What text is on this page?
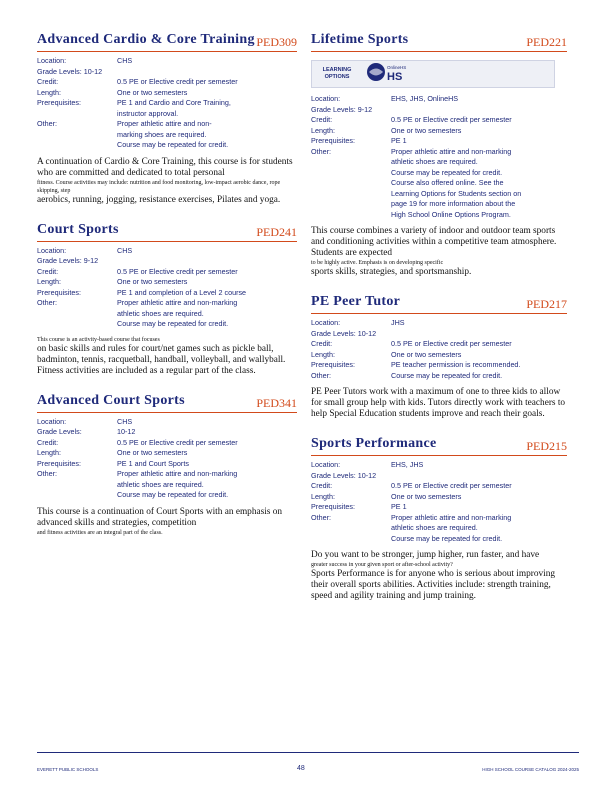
Advanced Cardio & Core Training PED309
Location:	CHS
Grade Levels: 10-12
Credit:	0.5 PE or Elective credit per semester
Length:	One or two semesters
Prerequisites:	PE 1 and Cardio and Core Training,
instructor approval.
Other:	Proper athletic attire and non-
marking shoes are required.
Course may be repeated for credit.
A continuation of Cardio & Core Training, this course is for students who are committed and dedicated to total personal
fitness. Course activities may include: nutrition and food monitoring, low-impact aerobic dance, rope skipping, step
aerobics, running, jogging, resistance exercises, Pilates and yoga.
Court Sports	PED241
Location:	CHS
Grade Levels: 9-12
Credit:	0.5 PE or Elective credit per semester
Length:	One or two semesters
Prerequisites:	PE 1 and completion of a Level 2 course
Other:	Proper athletic attire and non-marking
athletic shoes are required.
Course may be repeated for credit.
This course is an activity-based course that focuses
on basic skills and rules for court/net games such as pickle ball, badminton, tennis, racquetball, handball, volleyball, and wallyball. Fitness activities are included as a regular part of the class.
Advanced Court Sports	PED341
Location:	CHS
Grade Levels:	10-12
Credit:	0.5 PE or Elective credit per semester
Length:	One or two semesters
Prerequisites:	PE 1 and Court Sports
Other:	Proper athletic attire and non-marking
athletic shoes are required.
Course may be repeated for credit.
This course is a continuation of Court Sports with an emphasis on advanced skills and strategies, competition
and fitness activities are an integral part of the class.
Lifetime Sports	PED221
LEARNING OPTIONS
OnlineHS
HS
Location:	EHS, JHS, OnlineHS
Grade Levels: 9-12
Credit:	0.5 PE or Elective credit per semester
Length:	One or two semesters
Prerequisites:	PE 1
Other:	Proper athletic attire and non-marking
athletic shoes are required.
Course may be repeated for credit.
Course also offered online. See the
Learning Options for Students section on
page 19 for more information about the
High School Online Options Program.
This course combines a variety of indoor and outdoor team sports and conditioning activities within a competitive team atmosphere. Students are expected
to be highly active. Emphasis is on developing specific
sports skills, strategies, and sportsmanship.
PE Peer Tutor	PED217
Location:	JHS
Grade Levels: 10-12
Credit:	0.5 PE or Elective credit per semester
Length:	One or two semesters
Prerequisites:	PE teacher permission is recommended.
Other:	Course may be repeated for credit.
PE Peer Tutors work with a maximum of one to three kids to allow for small group help with kids. Tutors directly work with teachers to help Special Education students improve and reach their goals.
Sports Performance	PED215
Location:	EHS, JHS
Grade Levels: 10-12
Credit:	0.5 PE or Elective credit per semester
Length:	One or two semesters
Prerequisites:	PE 1
Other:	Proper athletic attire and non-marking
athletic shoes are required.
Course may be repeated for credit.
Do you want to be stronger, jump higher, run faster, and have
greater success in your given sport or after-school activity?
Sports Performance is for anyone who is serious about improving their overall sports abilities. Activities include: strength training, speed and agility training and jump training.
EVERETT PUBLIC SCHOOLS	48	HIGH SCHOOL COURSE CATALOG 2024-2025
